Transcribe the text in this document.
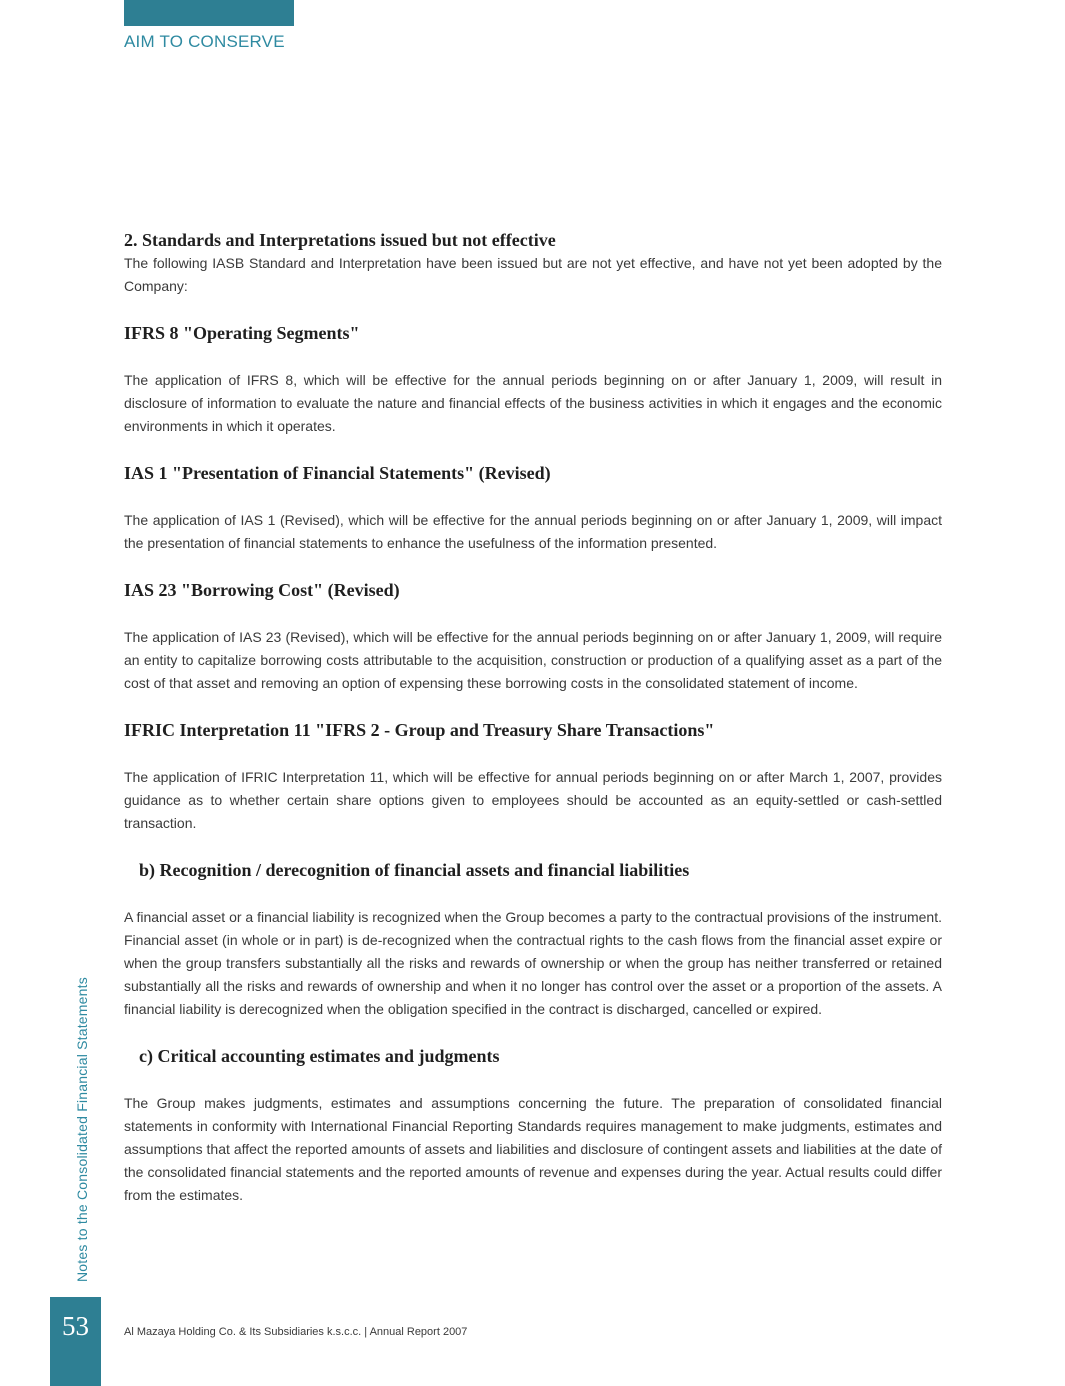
AIM TO CONSERVE
2. Standards and Interpretations issued but not effective

The following IASB Standard and Interpretation have been issued but are not yet effective, and have not yet been adopted by the Company:

IFRS 8 "Operating Segments"

The application of IFRS 8, which will be effective for the annual periods beginning on or after January 1, 2009, will result in disclosure of information to evaluate the nature and financial effects of the business activities in which it engages and the economic environments in which it operates.

IAS 1 "Presentation of Financial Statements" (Revised)

The application of IAS 1 (Revised), which will be effective for the annual periods beginning on or after January 1, 2009, will impact the presentation of financial statements to enhance the usefulness of the information presented.

IAS 23 "Borrowing Cost" (Revised)

The application of IAS 23 (Revised), which will be effective for the annual periods beginning on or after January 1, 2009, will require an entity to capitalize borrowing costs attributable to the acquisition, construction or production of a qualifying asset as a part of the cost of that asset and removing an option of expensing these borrowing costs in the consolidated statement of income.

IFRIC Interpretation 11 "IFRS 2 - Group and Treasury Share Transactions"

The application of IFRIC Interpretation 11, which will be effective for annual periods beginning on or after March 1, 2007, provides guidance as to whether certain share options given to employees should be accounted as an equity-settled or cash-settled transaction.

b) Recognition / derecognition of financial assets and financial liabilities

A financial asset or a financial liability is recognized when the Group becomes a party to the contractual provisions of the instrument. Financial asset (in whole or in part) is de-recognized when the contractual rights to the cash flows from the financial asset expire or when the group transfers substantially all the risks and rewards of ownership or when the group has neither transferred or retained substantially all the risks and rewards of ownership and when it no longer has control over the asset or a proportion of the assets. A financial liability is derecognized when the obligation specified in the contract is discharged, cancelled or expired.

c) Critical accounting estimates and judgments

The Group makes judgments, estimates and assumptions concerning the future. The preparation of consolidated financial statements in conformity with International Financial Reporting Standards requires management to make judgments, estimates and assumptions that affect the reported amounts of assets and liabilities and disclosure of contingent assets and liabilities at the date of the consolidated financial statements and the reported amounts of revenue and expenses during the year. Actual results could differ from the estimates.

Notes to the Consolidated Financial Statements
53	Al Mazaya Holding Co. & Its Subsidiaries k.s.c.c. | Annual Report 2007
